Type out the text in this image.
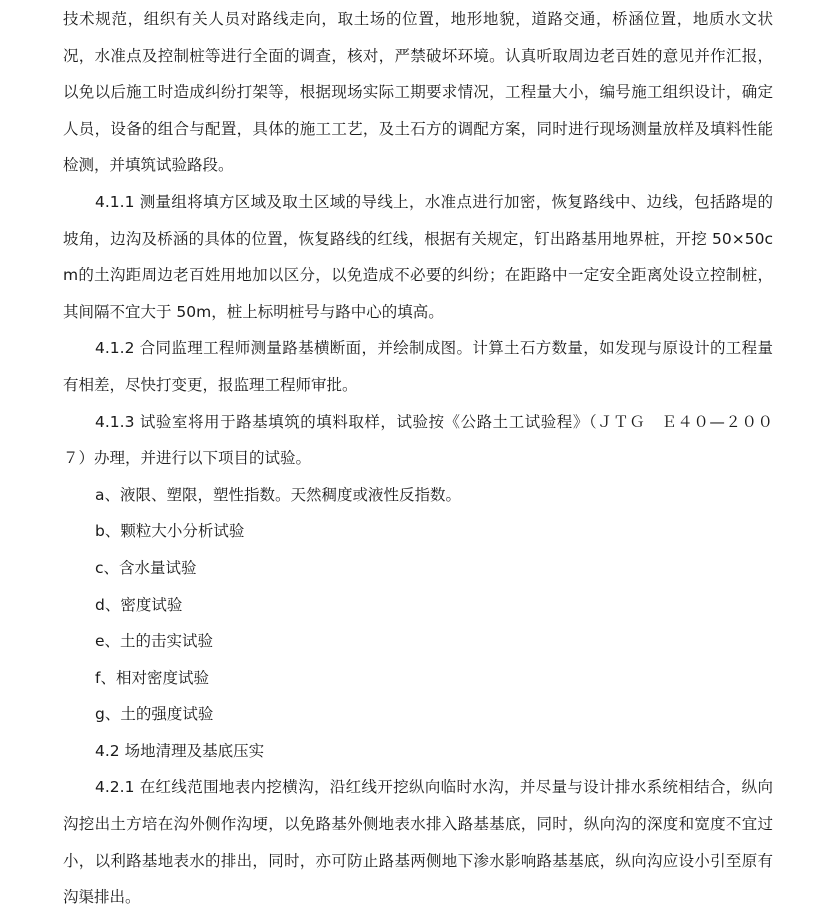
技术规范，组织有关人员对路线走向，取土场的位置，地形地貌，道路交通，桥涵位置，地质水文状况，水准点及控制桩等进行全面的调查，核对，严禁破坏环境。认真听取周边老百姓的意见并作汇报，以免以后施工时造成纠纷打架等，根据现场实际工期要求情况，工程量大小，编号施工组织设计，确定人员，设备的组合与配置，具体的施工工艺，及土石方的调配方案，同时进行现场测量放样及填料性能检测，并填筑试验路段。

4.1.1 测量组将填方区域及取土区域的导线上，水准点进行加密，恢复路线中、边线，包括路堤的坡角，边沟及桥涵的具体的位置，恢复路线的红线，根据有关规定，钉出路基用地界桩，开挖 50×50cm的土沟距周边老百姓用地加以区分，以免造成不必要的纠纷；在距路中一定安全距离处设立控制桩，其间隔不宜大于 50m，桩上标明桩号与路中心的填高。

4.1.2 合同监理工程师测量路基横断面，并绘制成图。计算土石方数量，如发现与原设计的工程量有相差，尽快打变更，报监理工程师审批。

4.1.3 试验室将用于路基填筑的填料取样，试验按《公路土工试验程》（ＪＴＧ　Ｅ４０—２００７）办理，并进行以下项目的试验。

a、液限、塑限，塑性指数。天然稠度或液性反指数。

b、颗粒大小分析试验

c、含水量试验

d、密度试验

e、土的击实试验

f、相对密度试验

g、土的强度试验

4.2 场地清理及基底压实

4.2.1 在红线范围地表内挖横沟，沿红线开挖纵向临时水沟，并尽量与设计排水系统相结合，纵向沟挖出土方培在沟外侧作沟埂，以免路基外侧地表水排入路基基底，同时，纵向沟的深度和宽度不宜过小，以利路基地表水的排出，同时，亦可防止路基两侧地下渗水影响路基基底，纵向沟应设小引至原有沟渠排出。
